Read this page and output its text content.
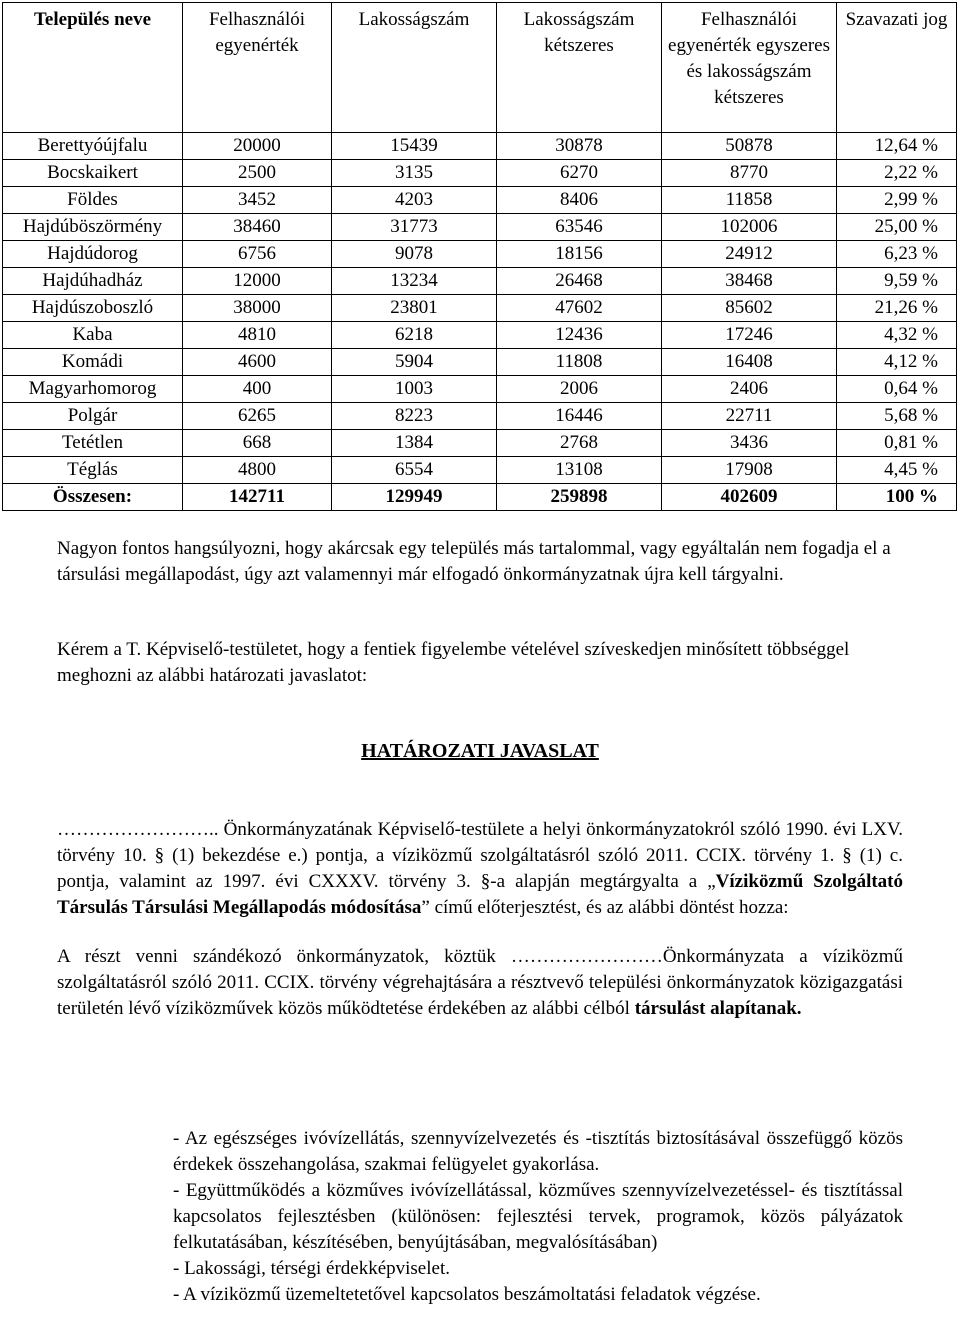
Település neve	Felhasználói egyenérték	Lakosságszám	Lakosságszám kétszeres	Felhasználói egyenérték egyszeres és lakosságszám kétszeres	Szavazati jog
Berettyóújfalu	20000	15439	30878	50878	12,64 %
Bocskaikert	2500	3135	6270	8770	2,22 %
Földes	3452	4203	8406	11858	2,99 %
Hajdúböszörmény	38460	31773	63546	102006	25,00 %
Hajdúdorog	6756	9078	18156	24912	6,23 %
Hajdúhadház	12000	13234	26468	38468	9,59 %
Hajdúszoboszló	38000	23801	47602	85602	21,26 %
Kaba	4810	6218	12436	17246	4,32 %
Komádi	4600	5904	11808	16408	4,12 %
Magyarhomorog	400	1003	2006	2406	0,64 %
Polgár	6265	8223	16446	22711	5,68 %
Tetétlen	668	1384	2768	3436	0,81 %
Téglás	4800	6554	13108	17908	4,45 %
Összesen:	142711	129949	259898	402609	100 %
Nagyon fontos hangsúlyozni, hogy akárcsak egy település más tartalommal, vagy egyáltalán nem fogadja el a társulási megállapodást, úgy azt valamennyi már elfogadó önkormányzatnak újra kell tárgyalni.
Kérem a T. Képviselő-testületet, hogy a fentiek figyelembe vételével szíveskedjen minősített többséggel meghozni az alábbi határozati javaslatot:
HATÁROZATI JAVASLAT
…………………….. Önkormányzatának Képviselő-testülete a helyi önkormányzatokról szóló 1990. évi LXV. törvény 10. § (1) bekezdése e.) pontja, a víziközmű szolgáltatásról szóló 2011. CCIX. törvény 1. § (1) c. pontja, valamint az 1997. évi CXXXV. törvény 3. §-a alapján megtárgyalta a „Víziközmű Szolgáltató Társulás Társulási Megállapodás módosítása” című előterjesztést, és az alábbi döntést hozza:
A részt venni szándékozó önkormányzatok, köztük ……………………Önkormányzata a víziközmű szolgáltatásról szóló 2011. CCIX. törvény végrehajtására a résztvevő települési önkormányzatok közigazgatási területén lévő víziközművek közös működtetése érdekében az alábbi célból társulást alapítanak.
- Az egészséges ivóvízellátás, szennyvízelvezetés és -tisztítás biztosításával összefüggő közös érdekek összehangolása, szakmai felügyelet gyakorlása.
- Együttműködés a közműves ivóvízellátással, közműves szennyvízelvezetéssel- és tisztítással kapcsolatos fejlesztésben (különösen: fejlesztési tervek, programok, közös pályázatok felkutatásában, készítésében, benyújtásában, megvalósításában)
- Lakossági, térségi érdekképviselet.
- A víziközmű üzemeltetetővel kapcsolatos beszámoltatási feladatok végzése.
